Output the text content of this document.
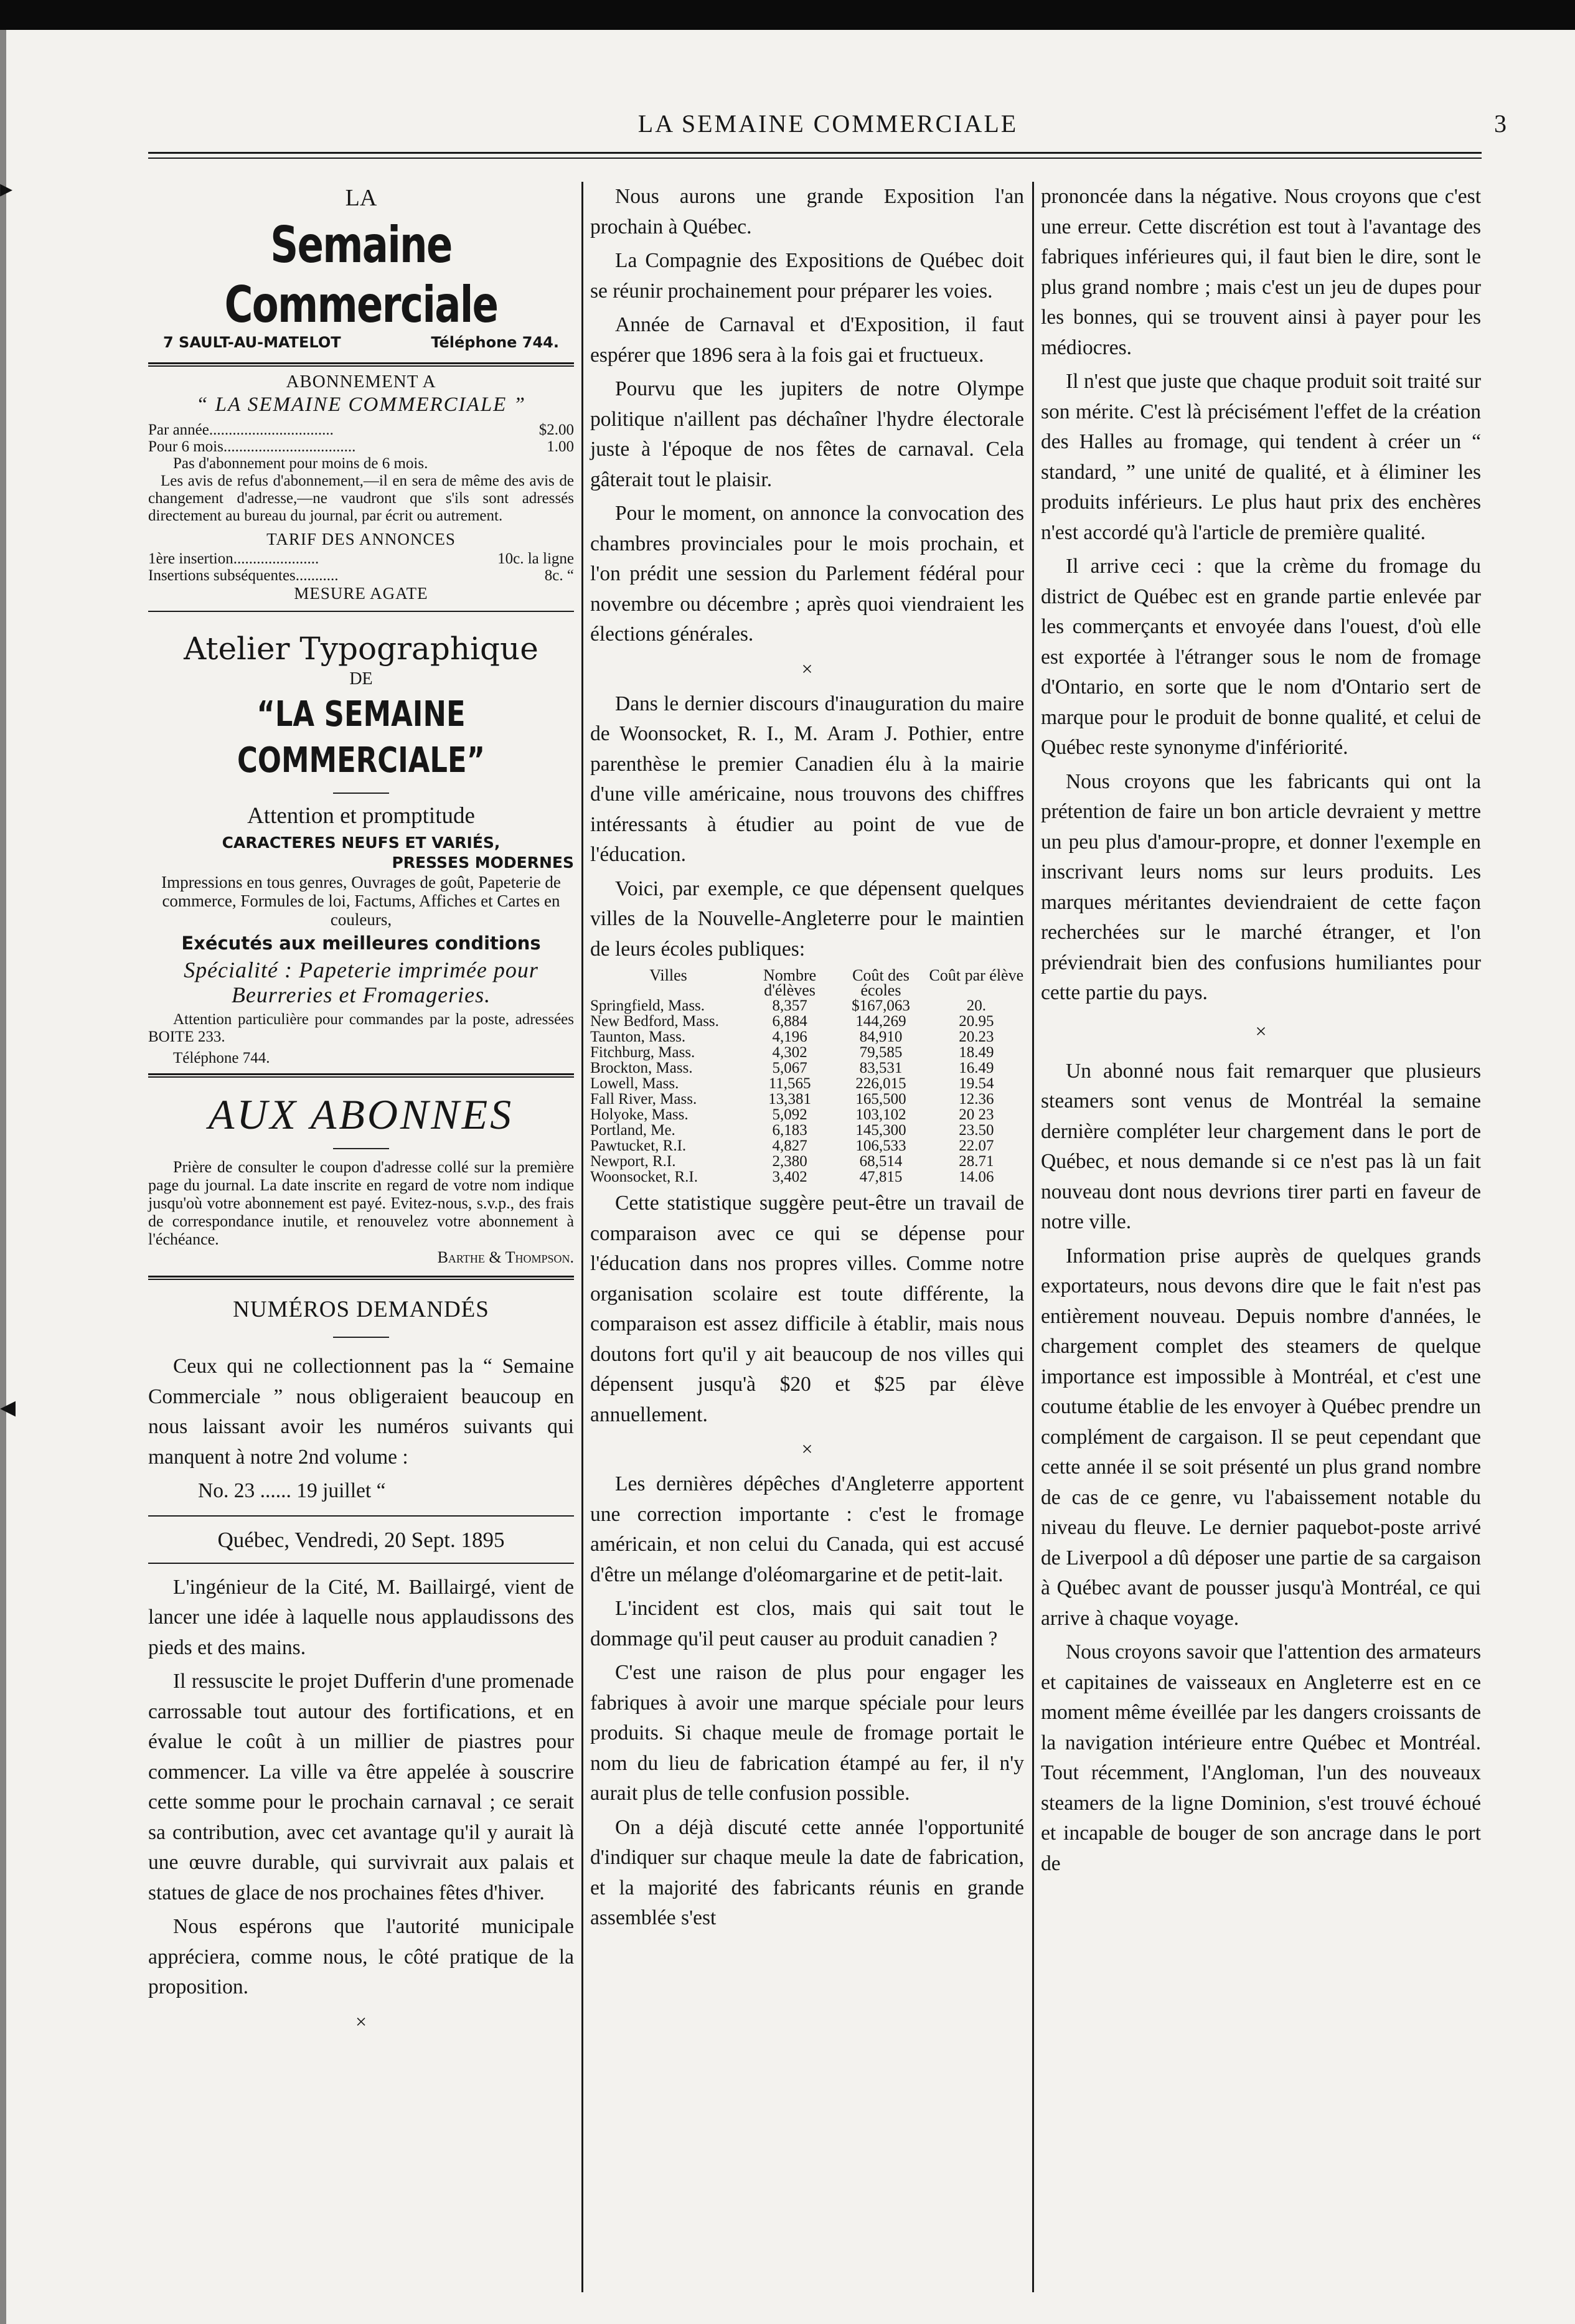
▸
◂
LA SEMAINE COMMERCIALE	3
LA
Semaine Commerciale
7 SAULT-AU-MATELOT	Téléphone 744.
ABONNEMENT A
“ LA SEMAINE COMMERCIALE ”
Par année................................	$2.00
Pour 6 mois..................................	1.00
Pas d'abonnement pour moins de 6 mois.
Les avis de refus d'abonnement,—il en sera de même des avis de changement d'adresse,—ne vaudront que s'ils sont adressés directement au bureau du journal, par écrit ou autrement.
TARIF DES ANNONCES
1ère insertion......................	10c. la ligne
Insertions subséquentes...........	8c. “
MESURE AGATE
Atelier Typographique
DE
“LA SEMAINE COMMERCIALE”
Attention et promptitude
CARACTERES NEUFS ET VARIÉS,
PRESSES MODERNES
Impressions en tous genres, Ouvrages de goût, Papeterie de commerce, Formules de loi, Factums, Affiches et Cartes en couleurs,
Exécutés aux meilleures conditions
Spécialité : Papeterie imprimée pour Beurreries et Fromageries.
Attention particulière pour commandes par la poste, adressées BOITE 233.
Téléphone 744.
AUX ABONNES
Prière de consulter le coupon d'adresse collé sur la première page du journal. La date inscrite en regard de votre nom indique jusqu'où votre abonnement est payé. Evitez-nous, s.v.p., des frais de correspondance inutile, et renouvelez votre abonnement à l'échéance.
Barthe & Thompson.
NUMÉROS DEMANDÉS

Ceux qui ne collectionnent pas la “ Semaine Commerciale ” nous obligeraient beaucoup en nous laissant avoir les numéros suivants qui manquent à notre 2nd volume :

No. 23 ...... 19 juillet “

Québec, Vendredi, 20 Sept. 1895

L'ingénieur de la Cité, M. Baillairgé, vient de lancer une idée à laquelle nous applaudissons des pieds et des mains.

Il ressuscite le projet Dufferin d'une promenade carrossable tout autour des fortifications, et en évalue le coût à un millier de piastres pour commencer. La ville va être appelée à souscrire cette somme pour le prochain carnaval ; ce serait sa contribution, avec cet avantage qu'il y aurait là une œuvre durable, qui survivrait aux palais et statues de glace de nos prochaines fêtes d'hiver.

Nous espérons que l'autorité municipale appréciera, comme nous, le côté pratique de la proposition.

×

Nous aurons une grande Exposition l'an prochain à Québec.

La Compagnie des Expositions de Québec doit se réunir prochainement pour préparer les voies.

Année de Carnaval et d'Exposition, il faut espérer que 1896 sera à la fois gai et fructueux.

Pourvu que les jupiters de notre Olympe politique n'aillent pas déchaîner l'hydre électorale juste à l'époque de nos fêtes de carnaval. Cela gâterait tout le plaisir.

Pour le moment, on annonce la convocation des chambres provinciales pour le mois prochain, et l'on prédit une session du Parlement fédéral pour novembre ou décembre ; après quoi viendraient les élections générales.

×

Dans le dernier discours d'inauguration du maire de Woonsocket, R. I., M. Aram J. Pothier, entre parenthèse le premier Canadien élu à la mairie d'une ville américaine, nous trouvons des chiffres intéressants à étudier au point de vue de l'éducation.

Voici, par exemple, ce que dépensent quelques villes de la Nouvelle-Angleterre pour le maintien de leurs écoles publiques:

Villes	Nombre d'élèves	Coût des écoles	Coût par élève
Springfield, Mass.	8,357	$167,063	20.
New Bedford, Mass.	6,884	144,269	20.95
Taunton, Mass.	4,196	84,910	20.23
Fitchburg, Mass.	4,302	79,585	18.49
Brockton, Mass.	5,067	83,531	16.49
Lowell, Mass.	11,565	226,015	19.54
Fall River, Mass.	13,381	165,500	12.36
Holyoke, Mass.	5,092	103,102	20 23
Portland, Me.	6,183	145,300	23.50
Pawtucket, R.I.	4,827	106,533	22.07
Newport, R.I.	2,380	68,514	28.71
Woonsocket, R.I.	3,402	47,815	14.06

Cette statistique suggère peut-être un travail de comparaison avec ce qui se dépense pour l'éducation dans nos propres villes. Comme notre organisation scolaire est toute différente, la comparaison est assez difficile à établir, mais nous doutons fort qu'il y ait beaucoup de nos villes qui dépensent jusqu'à $20 et $25 par élève annuellement.

×

Les dernières dépêches d'Angleterre apportent une correction importante : c'est le fromage américain, et non celui du Canada, qui est accusé d'être un mélange d'oléomargarine et de petit-lait.

L'incident est clos, mais qui sait tout le dommage qu'il peut causer au produit canadien ?

C'est une raison de plus pour engager les fabriques à avoir une marque spéciale pour leurs produits. Si chaque meule de fromage portait le nom du lieu de fabrication étampé au fer, il n'y aurait plus de telle confusion possible.

On a déjà discuté cette année l'opportunité d'indiquer sur chaque meule la date de fabrication, et la majorité des fabricants réunis en grande assemblée s'est

prononcée dans la négative. Nous croyons que c'est une erreur. Cette discrétion est tout à l'avantage des fabriques inférieures qui, il faut bien le dire, sont le plus grand nombre ; mais c'est un jeu de dupes pour les bonnes, qui se trouvent ainsi à payer pour les médiocres.

Il n'est que juste que chaque produit soit traité sur son mérite. C'est là précisément l'effet de la création des Halles au fromage, qui tendent à créer un “ standard, ” une unité de qualité, et à éliminer les produits inférieurs. Le plus haut prix des enchères n'est accordé qu'à l'article de première qualité.

Il arrive ceci : que la crème du fromage du district de Québec est en grande partie enlevée par les commerçants et envoyée dans l'ouest, d'où elle est exportée à l'étranger sous le nom de fromage d'Ontario, en sorte que le nom d'Ontario sert de marque pour le produit de bonne qualité, et celui de Québec reste synonyme d'infériorité.

Nous croyons que les fabricants qui ont la prétention de faire un bon article devraient y mettre un peu plus d'amour-propre, et donner l'exemple en inscrivant leurs noms sur leurs produits. Les marques méritantes deviendraient de cette façon recherchées sur le marché étranger, et l'on préviendrait bien des confusions humiliantes pour cette partie du pays.

×

Un abonné nous fait remarquer que plusieurs steamers sont venus de Montréal la semaine dernière compléter leur chargement dans le port de Québec, et nous demande si ce n'est pas là un fait nouveau dont nous devrions tirer parti en faveur de notre ville.

Information prise auprès de quelques grands exportateurs, nous devons dire que le fait n'est pas entièrement nouveau. Depuis nombre d'années, le chargement complet des steamers de quelque importance est impossible à Montréal, et c'est une coutume établie de les envoyer à Québec prendre un complément de cargaison. Il se peut cependant que cette année il se soit présenté un plus grand nombre de cas de ce genre, vu l'abaissement notable du niveau du fleuve. Le dernier paquebot-poste arrivé de Liverpool a dû déposer une partie de sa cargaison à Québec avant de pousser jusqu'à Montréal, ce qui arrive à chaque voyage.

Nous croyons savoir que l'attention des armateurs et capitaines de vaisseaux en Angleterre est en ce moment même éveillée par les dangers croissants de la navigation intérieure entre Québec et Montréal. Tout récemment, l'Angloman, l'un des nouveaux steamers de la ligne Dominion, s'est trouvé échoué et incapable de bouger de son ancrage dans le port de
